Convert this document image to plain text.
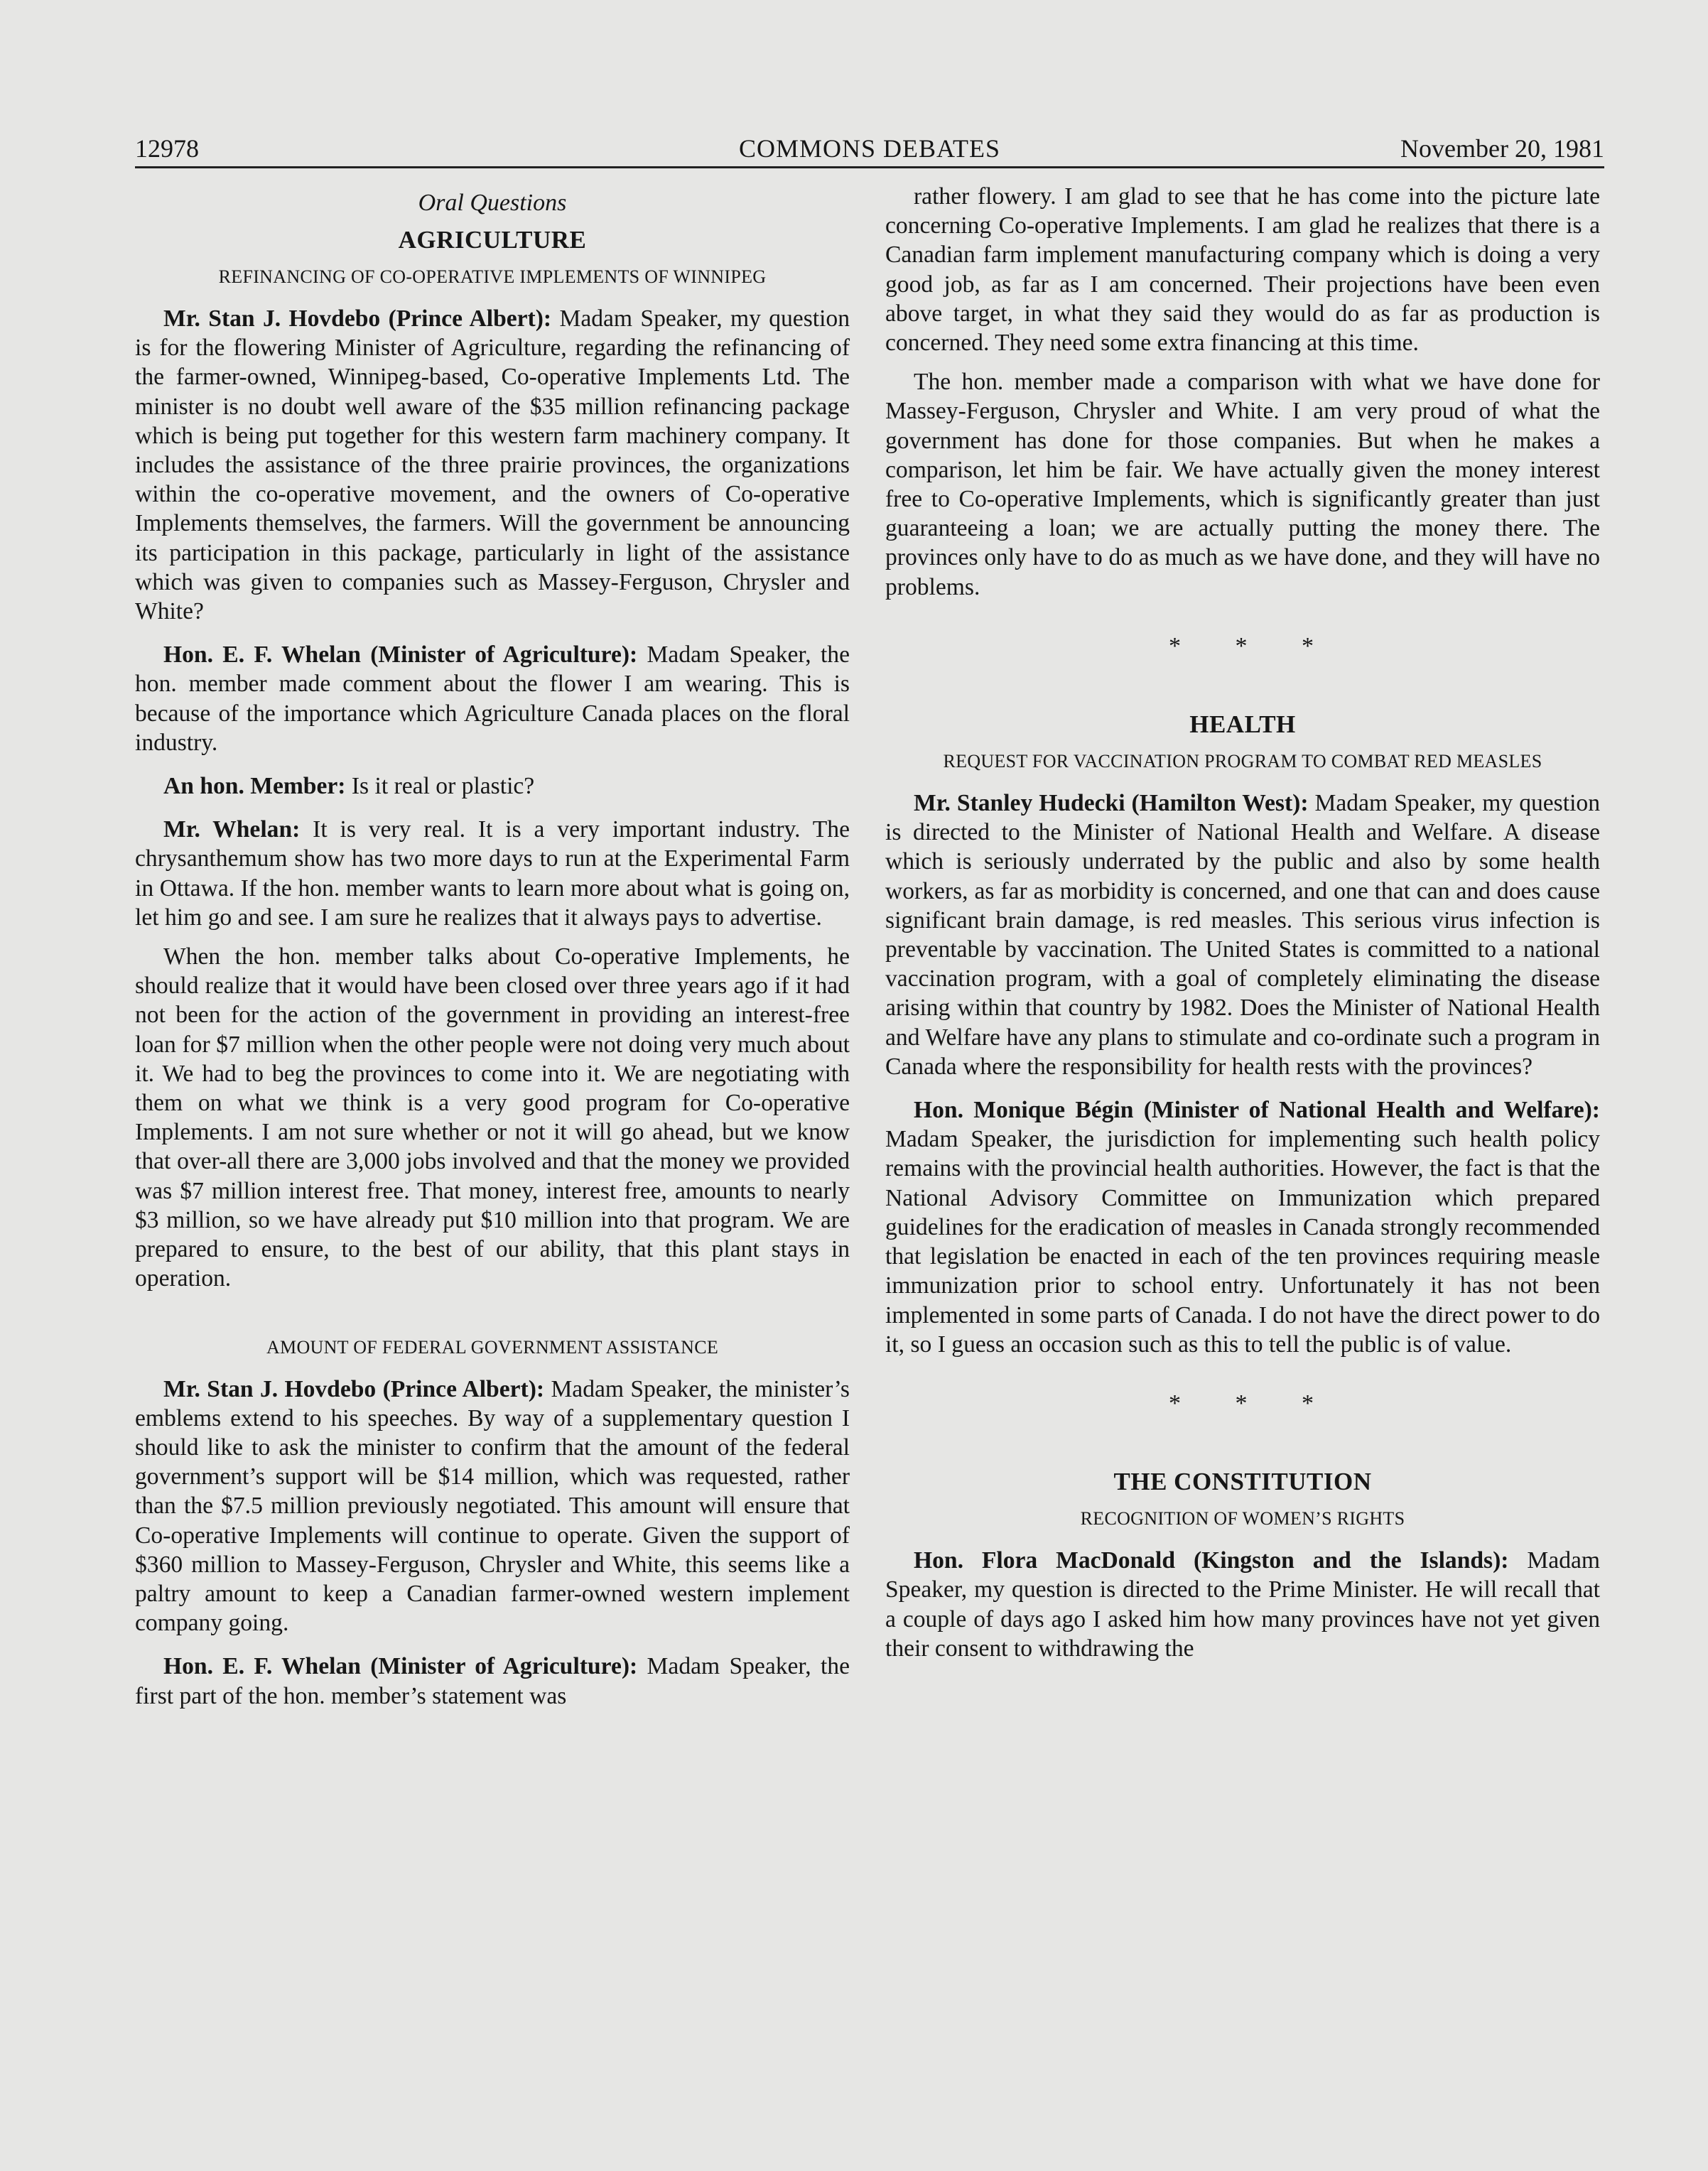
12978	COMMONS DEBATES	November 20, 1981
Oral Questions
AGRICULTURE
REFINANCING OF CO-OPERATIVE IMPLEMENTS OF WINNIPEG

Mr. Stan J. Hovdebo (Prince Albert): Madam Speaker, my question is for the flowering Minister of Agriculture, regarding the refinancing of the farmer-owned, Winnipeg-based, Co-operative Implements Ltd. The minister is no doubt well aware of the $35 million refinancing package which is being put together for this western farm machinery company. It includes the assistance of the three prairie provinces, the organizations within the co-operative movement, and the owners of Co-operative Implements themselves, the farmers. Will the government be announcing its participation in this package, particularly in light of the assistance which was given to companies such as Massey-Ferguson, Chrysler and White?

Hon. E. F. Whelan (Minister of Agriculture): Madam Speaker, the hon. member made comment about the flower I am wearing. This is because of the importance which Agriculture Canada places on the floral industry.

An hon. Member: Is it real or plastic?

Mr. Whelan: It is very real. It is a very important industry. The chrysanthemum show has two more days to run at the Experimental Farm in Ottawa. If the hon. member wants to learn more about what is going on, let him go and see. I am sure he realizes that it always pays to advertise.

When the hon. member talks about Co-operative Implements, he should realize that it would have been closed over three years ago if it had not been for the action of the government in providing an interest-free loan for $7 million when the other people were not doing very much about it. We had to beg the provinces to come into it. We are negotiating with them on what we think is a very good program for Co-operative Implements. I am not sure whether or not it will go ahead, but we know that over-all there are 3,000 jobs involved and that the money we provided was $7 million interest free. That money, interest free, amounts to nearly $3 million, so we have already put $10 million into that program. We are prepared to ensure, to the best of our ability, that this plant stays in operation.

AMOUNT OF FEDERAL GOVERNMENT ASSISTANCE

Mr. Stan J. Hovdebo (Prince Albert): Madam Speaker, the minister’s emblems extend to his speeches. By way of a supplementary question I should like to ask the minister to confirm that the amount of the federal government’s support will be $14 million, which was requested, rather than the $7.5 million previously negotiated. This amount will ensure that Co-operative Implements will continue to operate. Given the support of $360 million to Massey-Ferguson, Chrysler and White, this seems like a paltry amount to keep a Canadian farmer-owned western implement company going.

Hon. E. F. Whelan (Minister of Agriculture): Madam Speaker, the first part of the hon. member’s statement was

rather flowery. I am glad to see that he has come into the picture late concerning Co-operative Implements. I am glad he realizes that there is a Canadian farm implement manufacturing company which is doing a very good job, as far as I am concerned. Their projections have been even above target, in what they said they would do as far as production is concerned. They need some extra financing at this time.

The hon. member made a comparison with what we have done for Massey-Ferguson, Chrysler and White. I am very proud of what the government has done for those companies. But when he makes a comparison, let him be fair. We have actually given the money interest free to Co-operative Implements, which is significantly greater than just guaranteeing a loan; we are actually putting the money there. The provinces only have to do as much as we have done, and they will have no problems.

* * *
HEALTH
REQUEST FOR VACCINATION PROGRAM TO COMBAT RED MEASLES

Mr. Stanley Hudecki (Hamilton West): Madam Speaker, my question is directed to the Minister of National Health and Welfare. A disease which is seriously underrated by the public and also by some health workers, as far as morbidity is concerned, and one that can and does cause significant brain damage, is red measles. This serious virus infection is preventable by vaccination. The United States is committed to a national vaccination program, with a goal of completely eliminating the disease arising within that country by 1982. Does the Minister of National Health and Welfare have any plans to stimulate and co-ordinate such a program in Canada where the responsibility for health rests with the provinces?

Hon. Monique Bégin (Minister of National Health and Welfare): Madam Speaker, the jurisdiction for implementing such health policy remains with the provincial health authorities. However, the fact is that the National Advisory Committee on Immunization which prepared guidelines for the eradication of measles in Canada strongly recommended that legislation be enacted in each of the ten provinces requiring measle immunization prior to school entry. Unfortunately it has not been implemented in some parts of Canada. I do not have the direct power to do it, so I guess an occasion such as this to tell the public is of value.

* * *
THE CONSTITUTION
RECOGNITION OF WOMEN’S RIGHTS

Hon. Flora MacDonald (Kingston and the Islands): Madam Speaker, my question is directed to the Prime Minister. He will recall that a couple of days ago I asked him how many provinces have not yet given their consent to withdrawing the
